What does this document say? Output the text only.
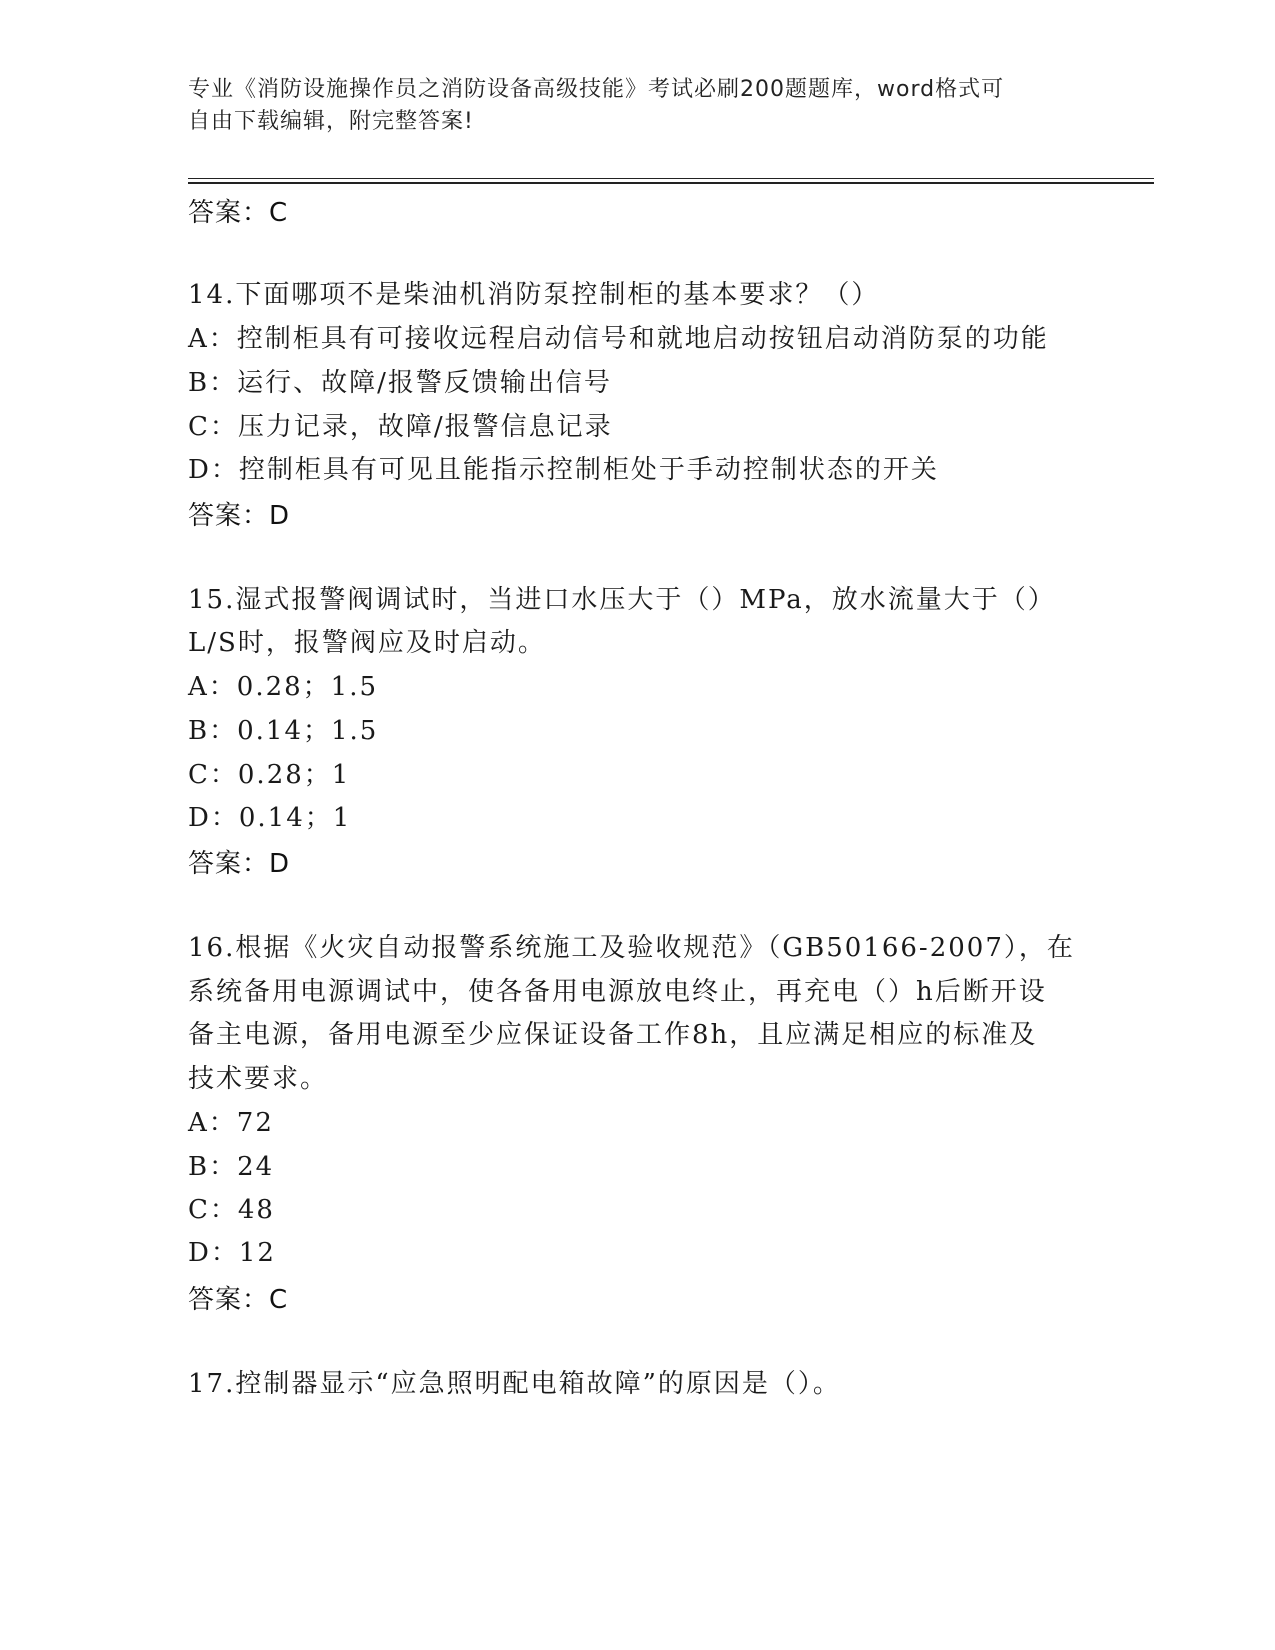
专业《消防设施操作员之消防设备高级技能》考试必刷200题题库，word格式可
自由下载编辑，附完整答案!
答案：C
14.下面哪项不是柴油机消防泵控制柜的基本要求？（）
A：控制柜具有可接收远程启动信号和就地启动按钮启动消防泵的功能
B：运行、故障/报警反馈输出信号
C：压力记录，故障/报警信息记录
D：控制柜具有可见且能指示控制柜处于手动控制状态的开关
答案：D
15.湿式报警阀调试时，当进口水压大于（）MPa，放水流量大于（）
L/S时，报警阀应及时启动。
A：0.28；1.5
B：0.14；1.5
C：0.28；1
D：0.14；1
答案：D
16.根据《火灾自动报警系统施工及验收规范》（GB50166-2007），在
系统备用电源调试中，使各备用电源放电终止，再充电（）h后断开设
备主电源，备用电源至少应保证设备工作8h，且应满足相应的标准及
技术要求。
A：72
B：24
C：48
D：12
答案：C
17.控制器显示“应急照明配电箱故障”的原因是（）。
